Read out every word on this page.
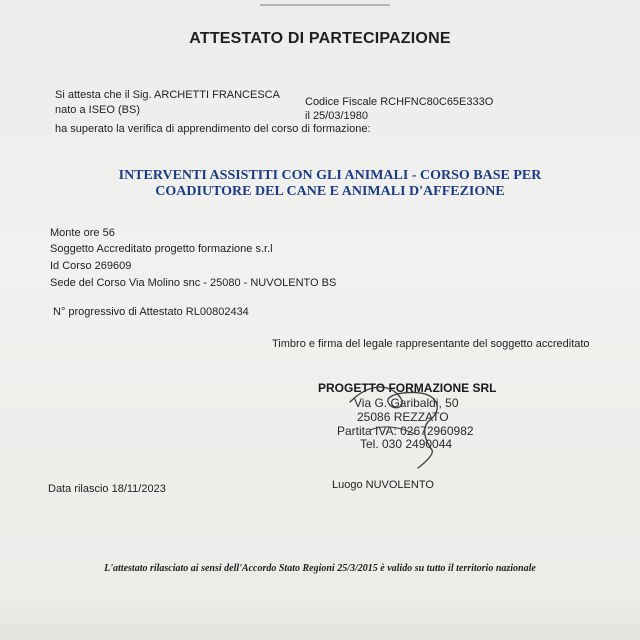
ATTESTATO DI PARTECIPAZIONE
Si attesta che il Sig. ARCHETTI FRANCESCA
Codice Fiscale RCHFNC80C65E333O
nato a ISEO (BS)	il 25/03/1980
ha superato la verifica di apprendimento del corso di formazione:
INTERVENTI ASSISTITI CON GLI ANIMALI - CORSO BASE PER
COADIUTORE DEL CANE E ANIMALI D'AFFEZIONE
Monte ore 56
Soggetto Accreditato progetto formazione s.r.l
Id Corso 269609
Sede del Corso Via Molino snc - 25080 - NUVOLENTO BS
N° progressivo di Attestato RL00802434
Timbro e firma del legale rappresentante del soggetto accreditato
PROGETTO FORMAZIONE SRL
Via G. Garibaldi, 50
25086 REZZATO
Partita IVA: 02672960982
Tel. 030 2490044
Data rilascio 18/11/2023	Luogo NUVOLENTO
L'attestato rilasciato ai sensi dell'Accordo Stato Regioni 25/3/2015 è valido su tutto il territorio nazionale
